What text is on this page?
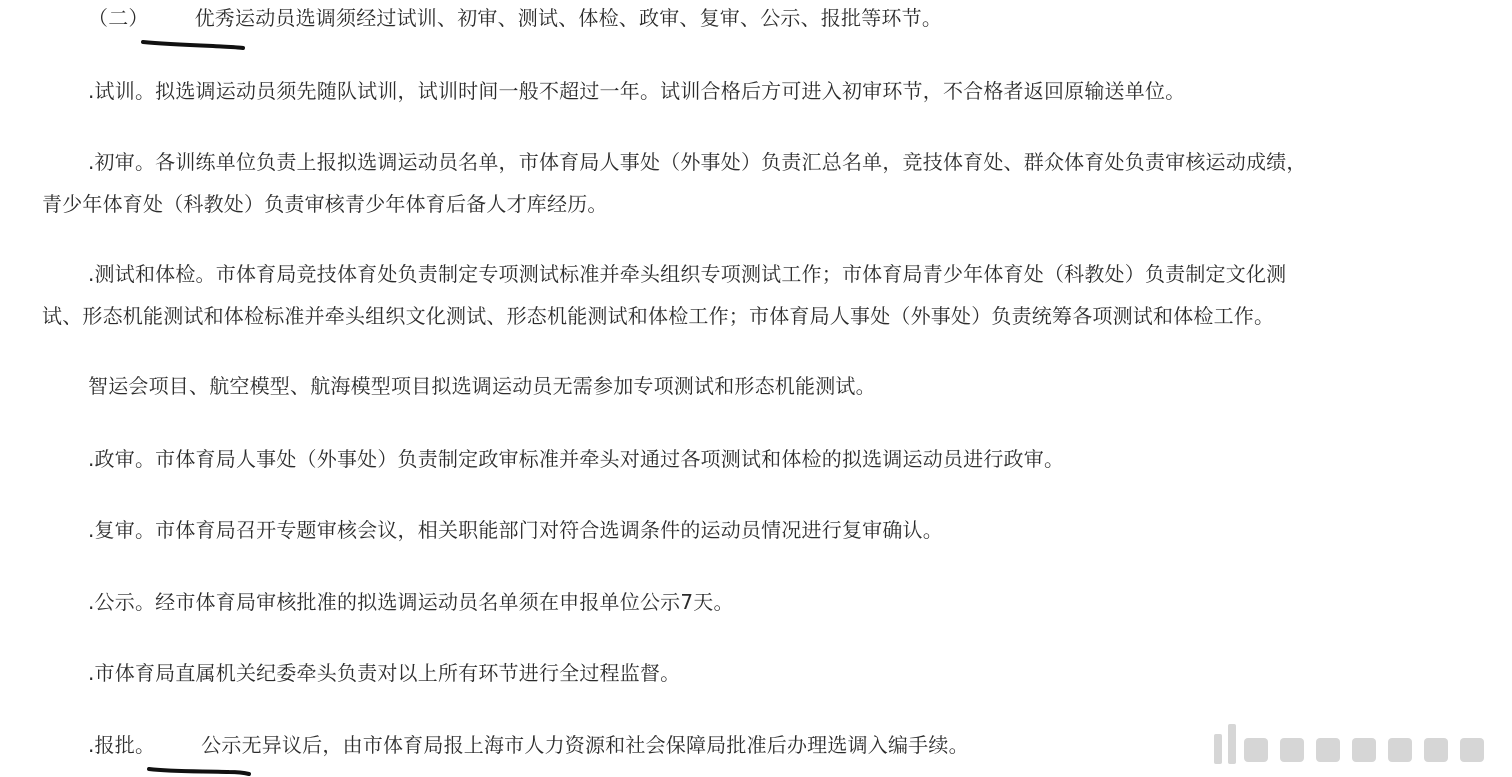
（二） 优秀运动员选调须经过试训、初审、测试、体检、政审、复审、公示、报批等环节。
.试训。拟选调运动员须先随队试训，试训时间一般不超过一年。试训合格后方可进入初审环节，不合格者返回原输送单位。
.初审。各训练单位负责上报拟选调运动员名单，市体育局人事处（外事处）负责汇总名单，竞技体育处、群众体育处负责审核运动成绩，
青少年体育处（科教处）负责审核青少年体育后备人才库经历。
.测试和体检。市体育局竞技体育处负责制定专项测试标准并牵头组织专项测试工作；市体育局青少年体育处（科教处）负责制定文化测
试、形态机能测试和体检标准并牵头组织文化测试、形态机能测试和体检工作；市体育局人事处（外事处）负责统筹各项测试和体检工作。
智运会项目、航空模型、航海模型项目拟选调运动员无需参加专项测试和形态机能测试。
.政审。市体育局人事处（外事处）负责制定政审标准并牵头对通过各项测试和体检的拟选调运动员进行政审。
.复审。市体育局召开专题审核会议，相关职能部门对符合选调条件的运动员情况进行复审确认。
.公示。经市体育局审核批准的拟选调运动员名单须在申报单位公示7天。
.市体育局直属机关纪委牵头负责对以上所有环节进行全过程监督。
.报批。 公示无异议后，由市体育局报上海市人力资源和社会保障局批准后办理选调入编手续。
